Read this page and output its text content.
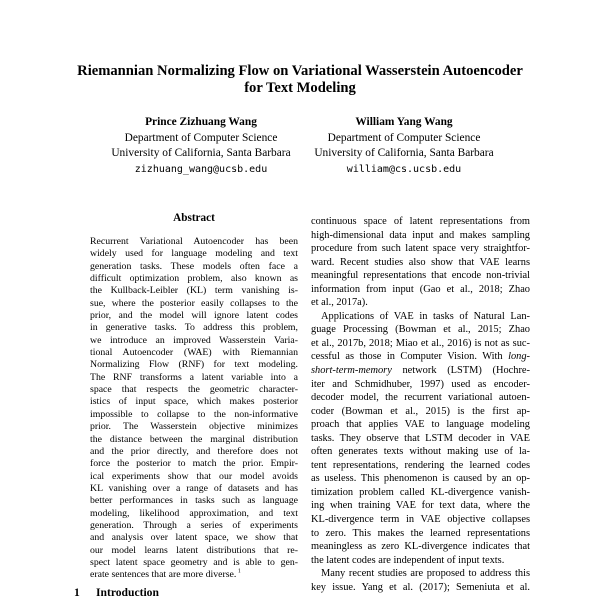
Riemannian Normalizing Flow on Variational Wasserstein Autoencoder
for Text Modeling
Prince Zizhuang Wang
Department of Computer Science
University of California, Santa Barbara
zizhuang_wang@ucsb.edu
William Yang Wang
Department of Computer Science
University of California, Santa Barbara
william@cs.ucsb.edu
Abstract
Recurrent Variational Autoencoder has been
widely used for language modeling and text
generation tasks. These models often face a
difficult optimization problem, also known as
the Kullback-Leibler (KL) term vanishing is-
sue, where the posterior easily collapses to the
prior, and the model will ignore latent codes
in generative tasks. To address this problem,
we introduce an improved Wasserstein Varia-
tional Autoencoder (WAE) with Riemannian
Normalizing Flow (RNF) for text modeling.
The RNF transforms a latent variable into a
space that respects the geometric character-
istics of input space, which makes posterior
impossible to collapse to the non-informative
prior. The Wasserstein objective minimizes
the distance between the marginal distribution
and the prior directly, and therefore does not
force the posterior to match the prior. Empir-
ical experiments show that our model avoids
KL vanishing over a range of datasets and has
better performances in tasks such as language
modeling, likelihood approximation, and text
generation. Through a series of experiments
and analysis over latent space, we show that
our model learns latent distributions that re-
spect latent space geometry and is able to gen-
erate sentences that are more diverse. $^1$
continuous space of latent representations from
high-dimensional data input and makes sampling
procedure from such latent space very straightfor-
ward. Recent studies also show that VAE learns
meaningful representations that encode non-trivial
information from input (Gao et al., 2018; Zhao
et al., 2017a).
Applications of VAE in tasks of Natural Lan-
guage Processing (Bowman et al., 2015; Zhao
et al., 2017b, 2018; Miao et al., 2016) is not as suc-
cessful as those in Computer Vision. With long-
short-term-memory network (LSTM) (Hochre-
iter and Schmidhuber, 1997) used as encoder-
decoder model, the recurrent variational autoen-
coder (Bowman et al., 2015) is the first ap-
proach that applies VAE to language modeling
tasks. They observe that LSTM decoder in VAE
often generates texts without making use of la-
tent representations, rendering the learned codes
as useless. This phenomenon is caused by an op-
timization problem called KL-divergence vanish-
ing when training VAE for text data, where the
KL-divergence term in VAE objective collapses
to zero. This makes the learned representations
meaningless as zero KL-divergence indicates that
the latent codes are independent of input texts.
Many recent studies are proposed to address this
key issue. Yang et al. (2017); Semeniuta et al.
1 Introduction
